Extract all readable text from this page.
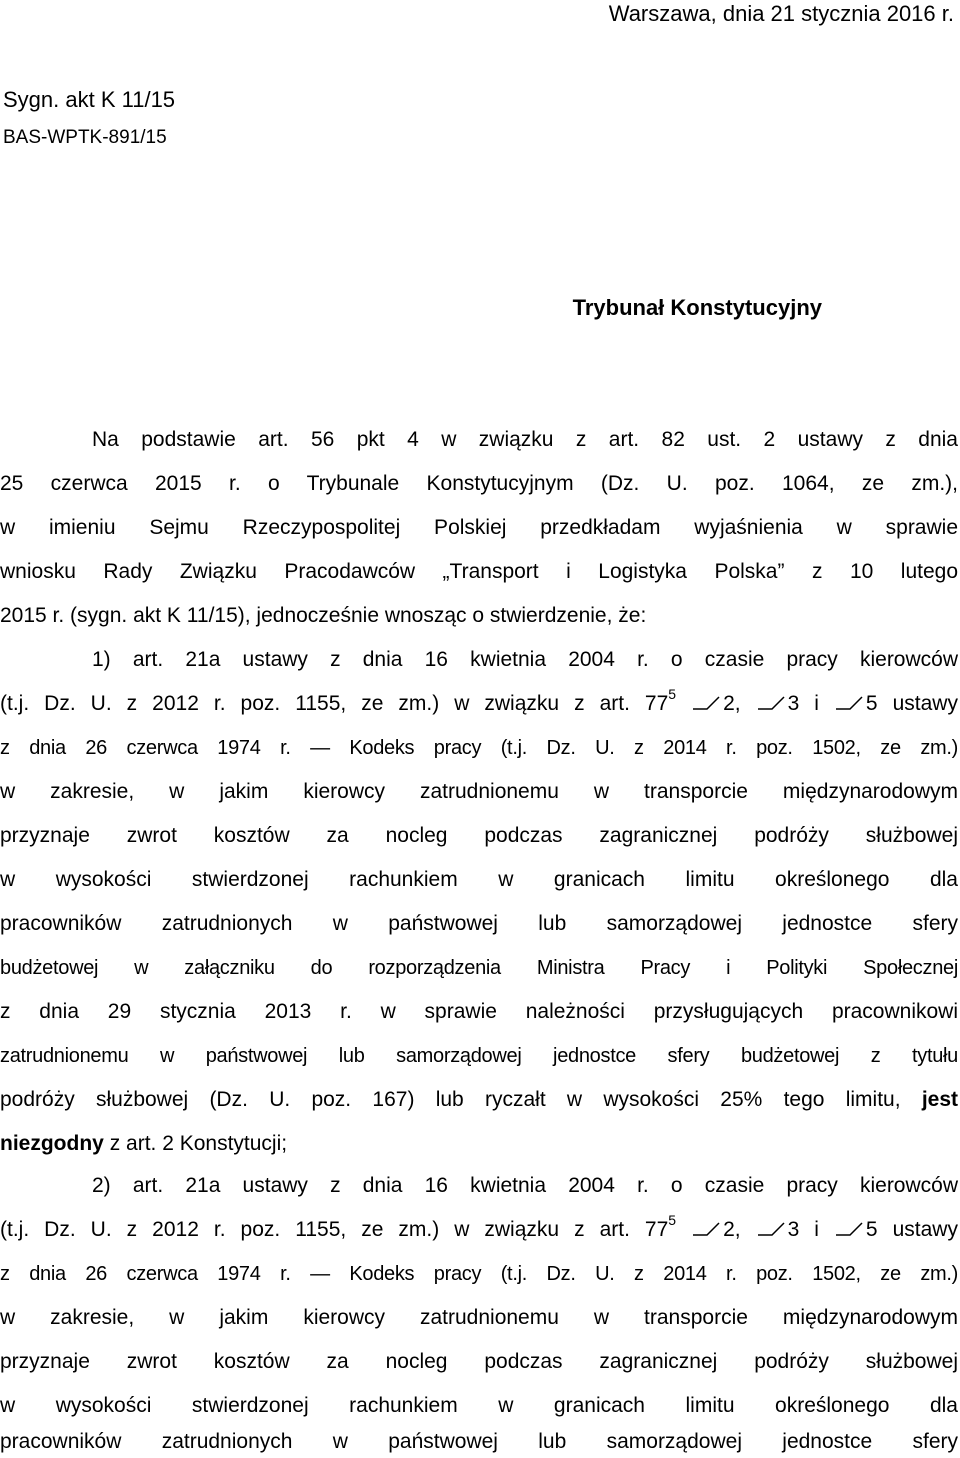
Warszawa, dnia 21 stycznia 2016 r.
Sygn. akt K 11/15
BAS-WPTK-891/15
Trybunał Konstytucyjny
Na podstawie art. 56 pkt 4 w związku z art. 82 ust. 2 ustawy z dnia
25 czerwca 2015 r. o Trybunale Konstytucyjnym (Dz. U. poz. 1064, ze zm.),
w imieniu Sejmu Rzeczypospolitej Polskiej przedkładam wyjaśnienia w sprawie
wniosku Rady Związku Pracodawców „Transport i Logistyka Polska” z 10 lutego
2015 r. (sygn. akt K 11/15), jednocześnie wnosząc o stwierdzenie, że:
1) art. 21a ustawy z dnia 16 kwietnia 2004 r. o czasie pracy kierowców
(t.j. Dz. U. z 2012 r. poz. 1155, ze zm.) w związku z art. $77^5$ 2, 3 i 5 ustawy
z dnia 26 czerwca 1974 r. — Kodeks pracy (t.j. Dz. U. z 2014 r. poz. 1502, ze zm.)
w zakresie, w jakim kierowcy zatrudnionemu w transporcie międzynarodowym
przyznaje zwrot kosztów za nocleg podczas zagranicznej podróży służbowej
w wysokości stwierdzonej rachunkiem w granicach limitu określonego dla
pracowników zatrudnionych w państwowej lub samorządowej jednostce sfery
budżetowej w załączniku do rozporządzenia Ministra Pracy i Polityki Społecznej
z dnia 29 stycznia 2013 r. w sprawie należności przysługujących pracownikowi
zatrudnionemu w państwowej lub samorządowej jednostce sfery budżetowej z tytułu
podróży służbowej (Dz. U. poz. 167) lub ryczałt w wysokości 25% tego limitu, jest
niezgodny z art. 2 Konstytucji;
2) art. 21a ustawy z dnia 16 kwietnia 2004 r. o czasie pracy kierowców
(t.j. Dz. U. z 2012 r. poz. 1155, ze zm.) w związku z art. $77^5$ 2, 3 i 5 ustawy
z dnia 26 czerwca 1974 r. — Kodeks pracy (t.j. Dz. U. z 2014 r. poz. 1502, ze zm.)
w zakresie, w jakim kierowcy zatrudnionemu w transporcie międzynarodowym
przyznaje zwrot kosztów za nocleg podczas zagranicznej podróży służbowej
w wysokości stwierdzonej rachunkiem w granicach limitu określonego dla
pracowników zatrudnionych w państwowej lub samorządowej jednostce sfery
